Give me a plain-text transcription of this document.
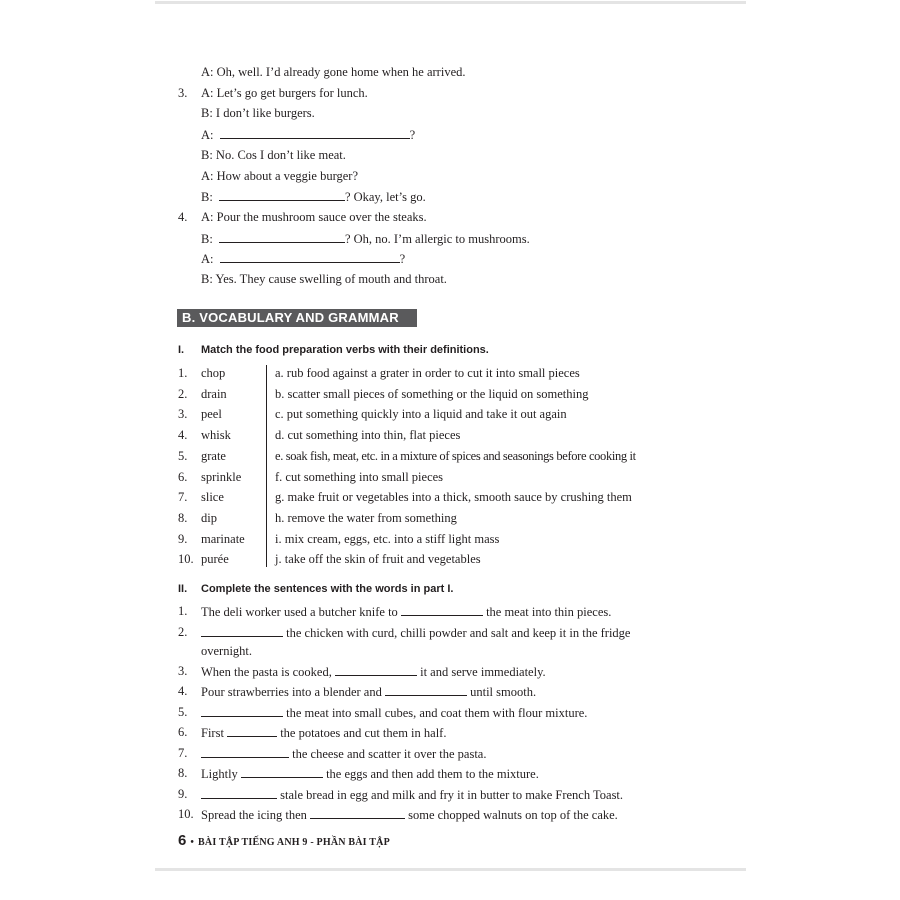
A: Oh, well. I’d already gone home when he arrived.
3. A: Let’s go get burgers for lunch.
B: I don’t like burgers.
A:	?
B: No. Cos I don’t like meat.
A: How about a veggie burger?
B:	? Okay, let’s go.
4. A: Pour the mushroom sauce over the steaks.
B:	? Oh, no. I’m allergic to mushrooms.
A:	?
B: Yes. They cause swelling of mouth and throat.
B. VOCABULARY AND GRAMMAR
I. Match the food preparation verbs with their definitions.
1. chop	a. rub food against a grater in order to cut it into small pieces
2. drain	b. scatter small pieces of something or the liquid on something
3. peel	c. put something quickly into a liquid and take it out again
4. whisk	d. cut something into thin, flat pieces
5. grate	e. soak fish, meat, etc. in a mixture of spices and seasonings before cooking it
6. sprinkle	f. cut something into small pieces
7. slice	g. make fruit or vegetables into a thick, smooth sauce by crushing them
8. dip	h. remove the water from something
9. marinate i. mix cream, eggs, etc. into a stiff light mass
10. purée	j. take off the skin of fruit and vegetables
II. Complete the sentences with the words in part I.
1. The deli worker used a butcher knife to	the meat into thin pieces.
2.	the chicken with curd, chilli powder and salt and keep it in the fridge
overnight.
3. When the pasta is cooked,	it and serve immediately.
4. Pour strawberries into a blender and	until smooth.
5.	the meat into small cubes, and coat them with flour mixture.
6. First	the potatoes and cut them in half.
7.	the cheese and scatter it over the pasta.
8. Lightly	the eggs and then add them to the mixture.
9.	stale bread in egg and milk and fry it in butter to make French Toast.
10. Spread the icing then	some chopped walnuts on top of the cake.
6 • BÀI TẬP TIẾNG ANH 9 - PHẦN BÀI TẬP
